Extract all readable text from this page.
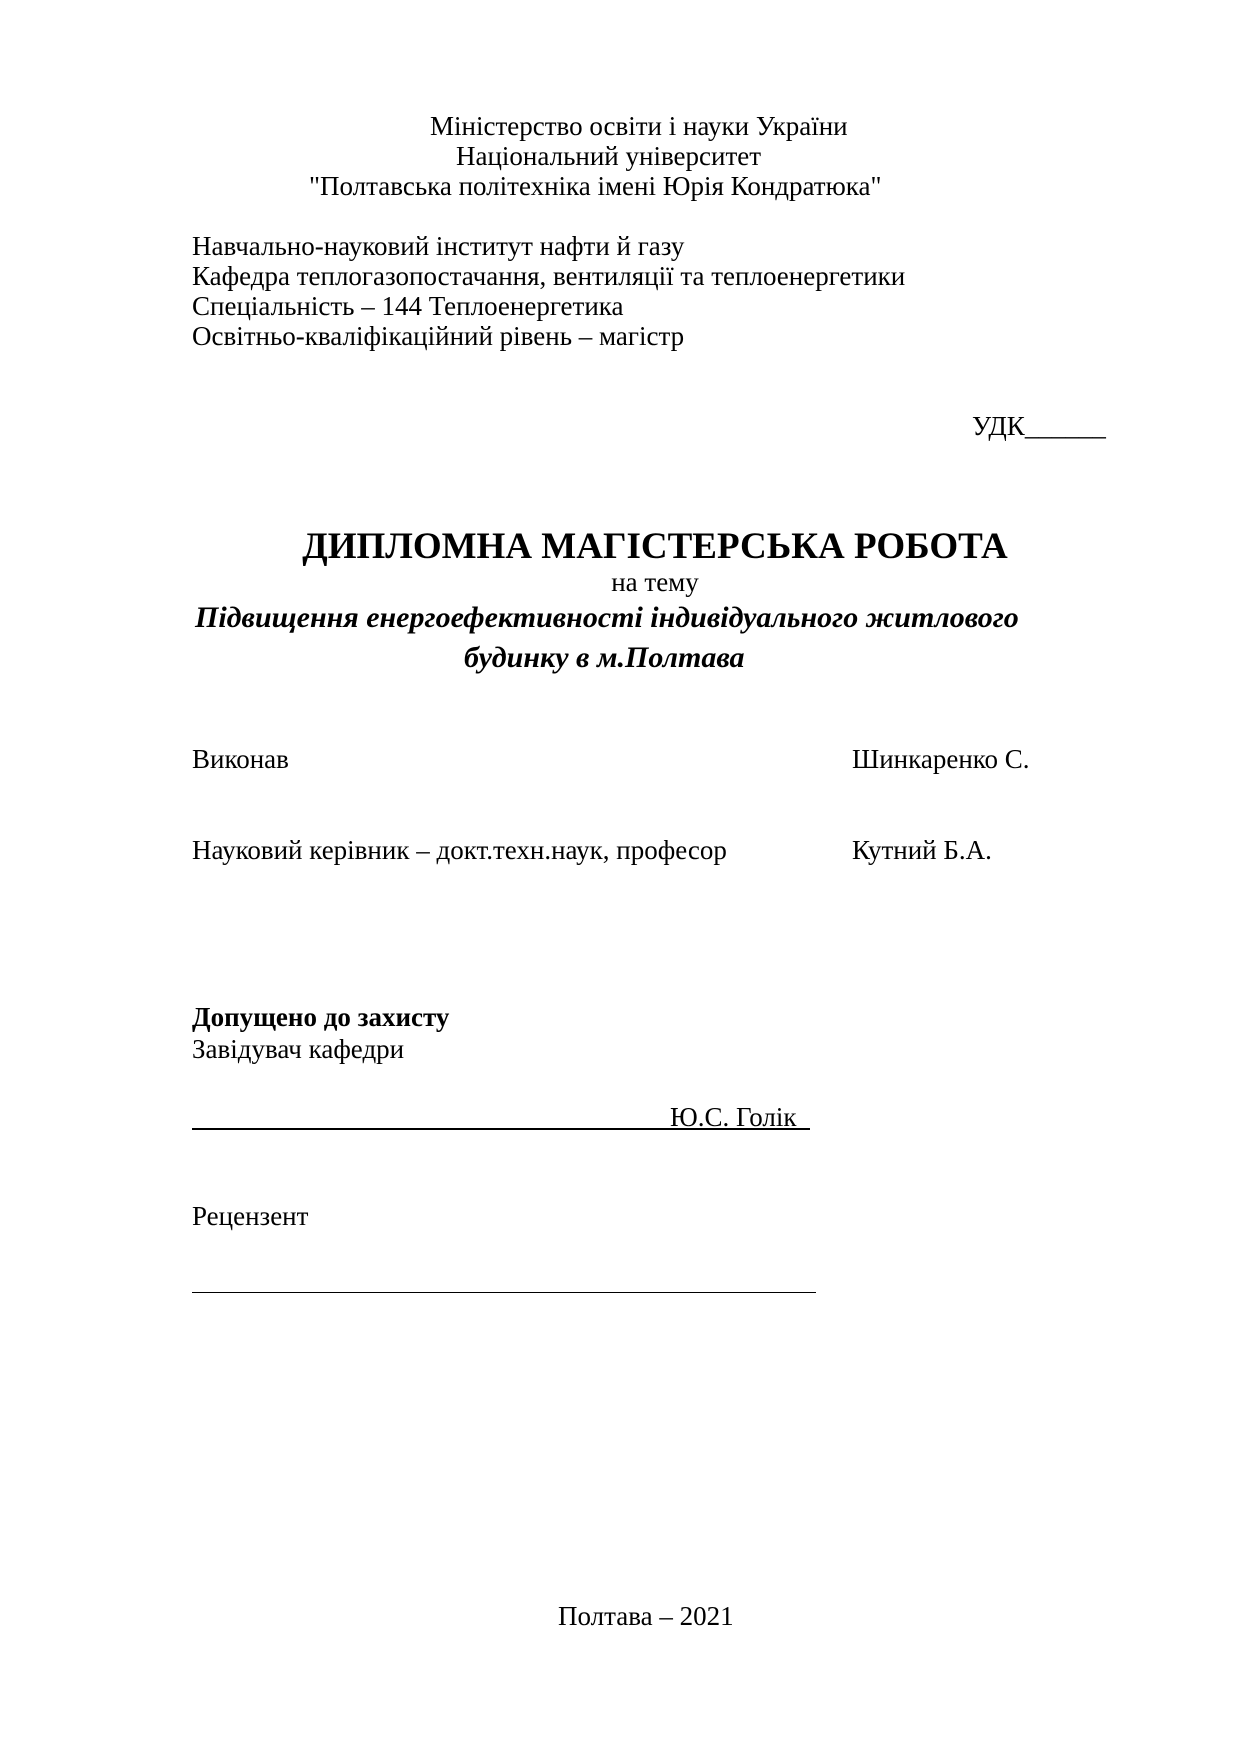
Міністерство освіти і науки України
Національний університет
"Полтавська політехніка імені Юрія Кондратюка"
Навчально-науковий інститут нафти й газу
Кафедра теплогазопостачання, вентиляції та теплоенергетики
Спеціальність – 144 Теплоенергетика
Освітньо-кваліфікаційний рівень – магістр
УДК______
ДИПЛОМНА МАГІСТЕРСЬКА РОБОТА
на тему
Підвищення енергоефективності індивідуального житлового
будинку в м.Полтава
Виконав	Шинкаренко С.
Науковий керівник – докт.техн.наук, професор	Кутний Б.А.
Допущено до захисту
Завідувач кафедри
Ю.С. Голік
Рецензент
Полтава – 2021
